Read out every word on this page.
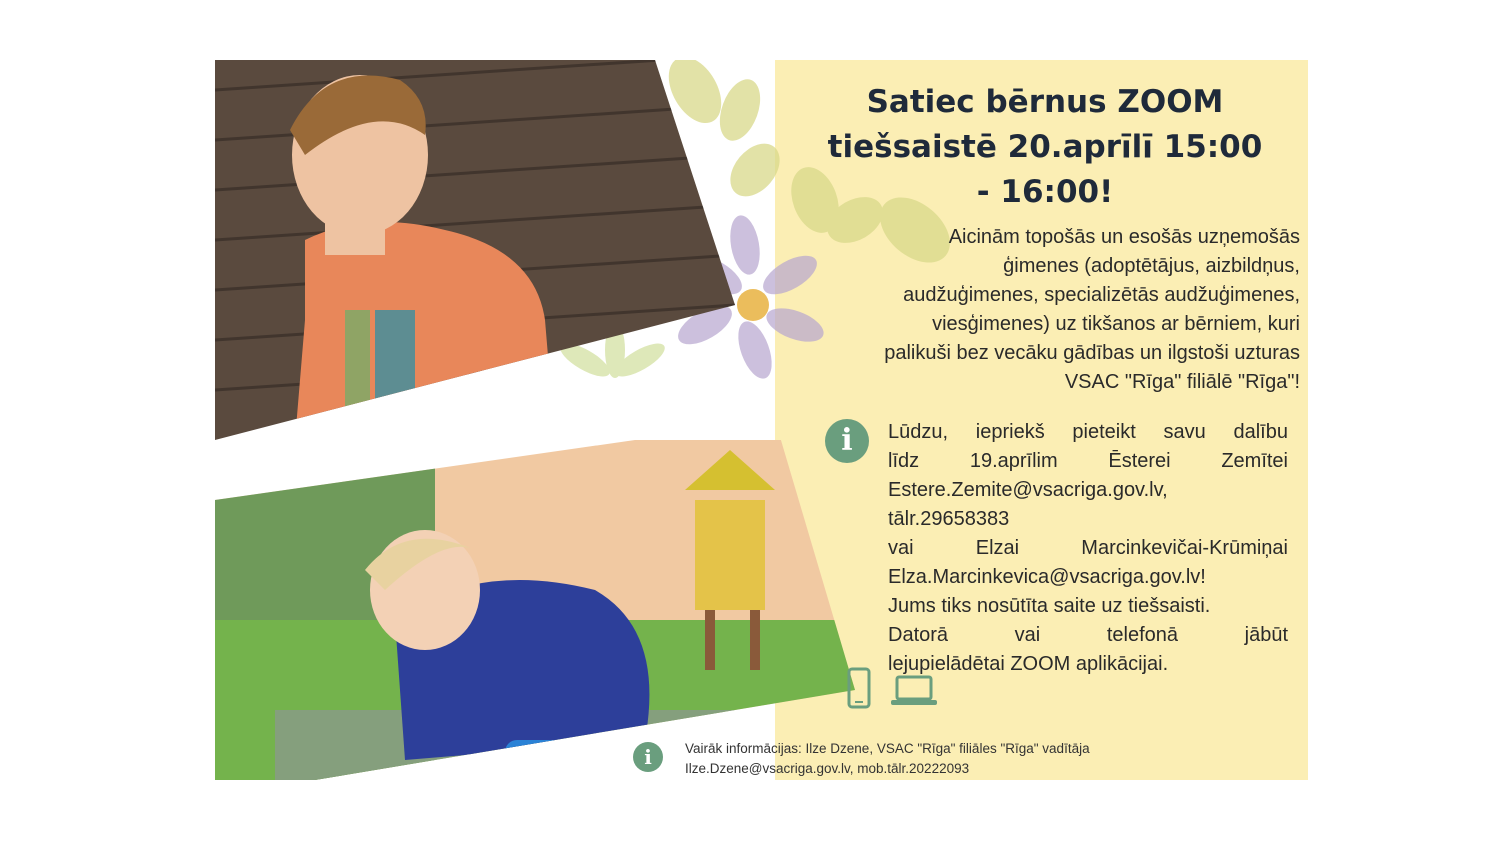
Satiec bērnus ZOOM
tiešsaistē 20.aprīlī 15:00
- 16:00!
Aicinām topošās un esošās uzņemošās
ģimenes (adoptētājus, aizbildņus,
audžuģimenes, specializētās audžuģimenes,
viesģimenes) uz tikšanos ar bērniem, kuri
palikuši bez vecāku gādības un ilgstoši uzturas
VSAC "Rīga" filiālē "Rīga"!
i	Lūdzu, iepriekš pieteikt savu dalību
līdz 19.aprīlim Ēsterei Zemītei
Estere.Zemite@vsacriga.gov.lv,
tālr.29658383
vai Elzai Marcinkevičai-Krūmiņai
Elza.Marcinkevica@vsacriga.gov.lv!
Jums tiks nosūtīta saite uz tiešsaisti.
Datorā vai telefonā jābūt
lejupielādētai ZOOM aplikācijai.
i	Vairāk informācijas: Ilze Dzene, VSAC "Rīga" filiāles "Rīga" vadītāja
Ilze.Dzene@vsacriga.gov.lv, mob.tālr.20222093
